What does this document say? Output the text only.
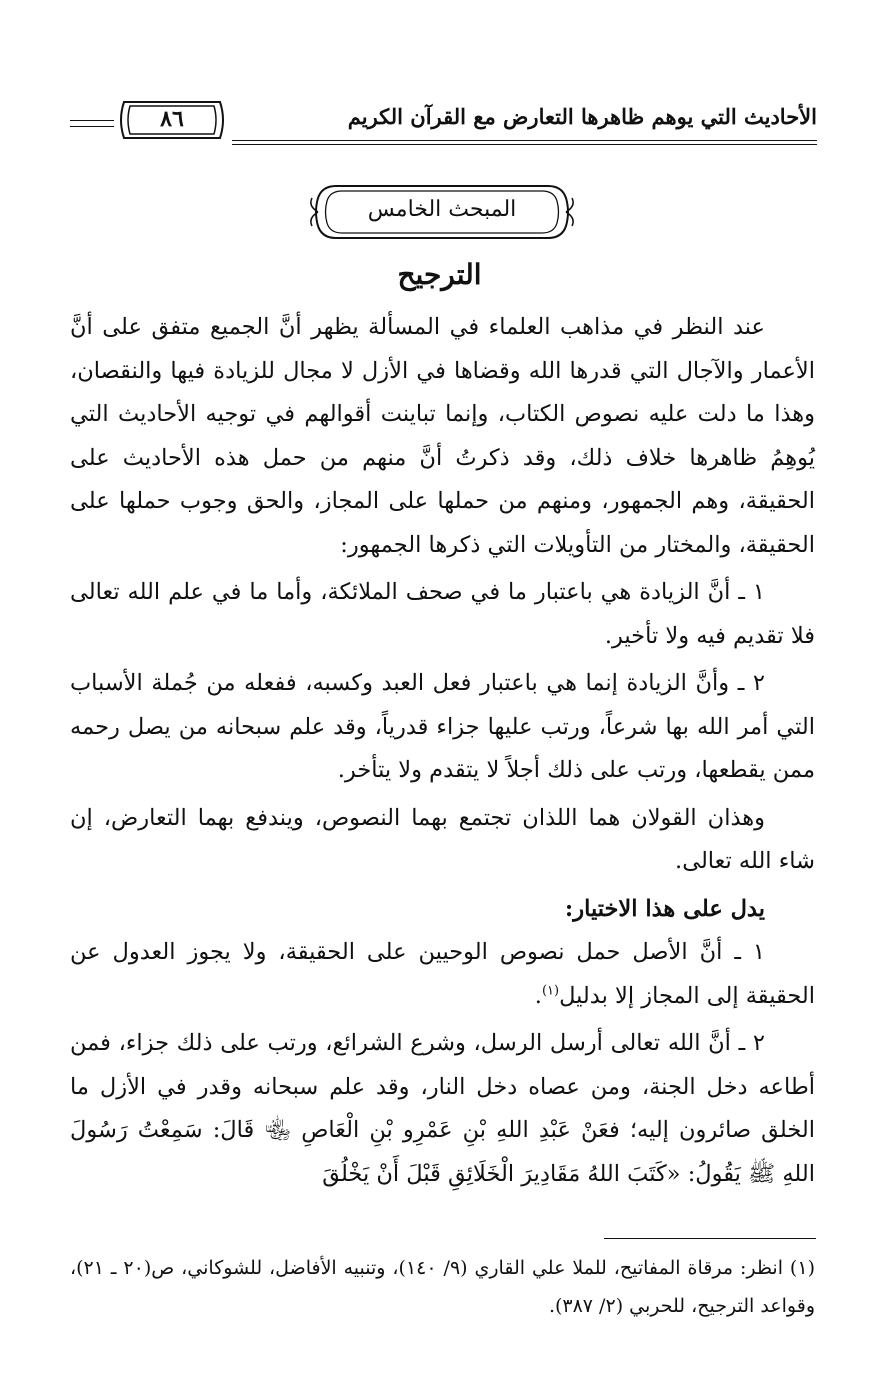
٨٦	الأحاديث التي يوهم ظاهرها التعارض مع القرآن الكريم
المبحث الخامس
الترجيح

عند النظر في مذاهب العلماء في المسألة يظهر أنَّ الجميع متفق على أنَّ الأعمار والآجال التي قدرها الله وقضاها في الأزل لا مجال للزيادة فيها والنقصان، وهذا ما دلت عليه نصوص الكتاب، وإنما تباينت أقوالهم في توجيه الأحاديث التي يُوهِمُ ظاهرها خلاف ذلك، وقد ذكرتُ أنَّ منهم من حمل هذه الأحاديث على الحقيقة، وهم الجمهور، ومنهم من حملها على المجاز، والحق وجوب حملها على الحقيقة، والمختار من التأويلات التي ذكرها الجمهور:

١ ـ أنَّ الزيادة هي باعتبار ما في صحف الملائكة، وأما ما في علم الله تعالى فلا تقديم فيه ولا تأخير.

٢ ـ وأنَّ الزيادة إنما هي باعتبار فعل العبد وكسبه، ففعله من جُملة الأسباب التي أمر الله بها شرعاً، ورتب عليها جزاء قدرياً، وقد علم سبحانه من يصل رحمه ممن يقطعها، ورتب على ذلك أجلاً لا يتقدم ولا يتأخر.

وهذان القولان هما اللذان تجتمع بهما النصوص، ويندفع بهما التعارض، إن شاء الله تعالى.

يدل على هذا الاختيار:

١ ـ أنَّ الأصل حمل نصوص الوحيين على الحقيقة، ولا يجوز العدول عن الحقيقة إلى المجاز إلا بدليل$^{(١)}$.

٢ ـ أنَّ الله تعالى أرسل الرسل، وشرع الشرائع، ورتب على ذلك جزاء، فمن أطاعه دخل الجنة، ومن عصاه دخل النار، وقد علم سبحانه وقدر في الأزل ما الخلق صائرون إليه؛ فعَنْ عَبْدِ اللهِ بْنِ عَمْرِو بْنِ الْعَاصِ ﵄ قَالَ: سَمِعْتُ رَسُولَ اللهِ ﷺ يَقُولُ: «كَتَبَ اللهُ مَقَادِيرَ الْخَلَائِقِ قَبْلَ أَنْ يَخْلُقَ

(١) انظر: مرقاة المفاتيح، للملا علي القاري (٩/ ١٤٠)، وتنبيه الأفاضل، للشوكاني، ص(٢٠ ـ ٢١)، وقواعد الترجيح، للحربي (٢/ ٣٨٧).
